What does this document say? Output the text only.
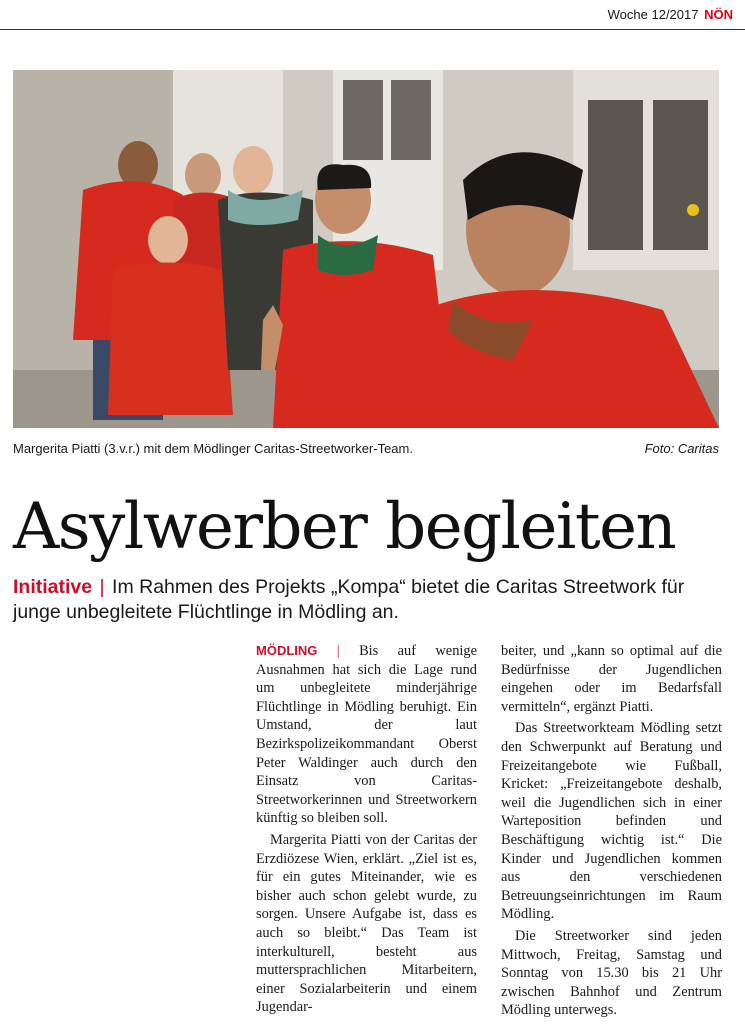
Woche 12/2017 NÖN
Margerita Piatti (3.v.r.) mit dem Mödlinger Caritas-Streetworker-Team.	Foto: Caritas
Asylwerber begleiten
Initiative | Im Rahmen des Projekts „Kompa“ bietet die Caritas Streetwork für junge unbegleitete Flüchtlinge in Mödling an.

MÖDLING | Bis auf wenige Ausnahmen hat sich die Lage rund um unbegleitete minderjährige Flüchtlinge in Mödling beruhigt. Ein Umstand, der laut Bezirkspolizeikommandant Oberst Peter Waldinger auch durch den Einsatz von Caritas-Streetworkerinnen und Streetworkern künftig so bleiben soll.

Margerita Piatti von der Caritas der Erzdiözese Wien, erklärt. „Ziel ist es, für ein gutes Miteinander, wie es bisher auch schon gelebt wurde, zu sorgen. Unsere Aufgabe ist, dass es auch so bleibt.“ Das Team ist interkulturell, besteht aus muttersprachlichen Mitarbeitern, einer Sozialarbeiterin und einem Jugendar-

beiter, und „kann so optimal auf die Bedürfnisse der Jugendlichen eingehen oder im Bedarfsfall vermitteln“, ergänzt Piatti.

Das Streetworkteam Mödling setzt den Schwerpunkt auf Beratung und Freizeitangebote wie Fußball, Kricket: „Freizeitangebote deshalb, weil die Jugendlichen sich in einer Warteposition befinden und Beschäftigung wichtig ist.“ Die Kinder und Jugendlichen kommen aus den verschiedenen Betreuungseinrichtungen im Raum Mödling.

Die Streetworker sind jeden Mittwoch, Freitag, Samstag und Sonntag von 15.30 bis 21 Uhr zwischen Bahnhof und Zentrum Mödling unterwegs.
